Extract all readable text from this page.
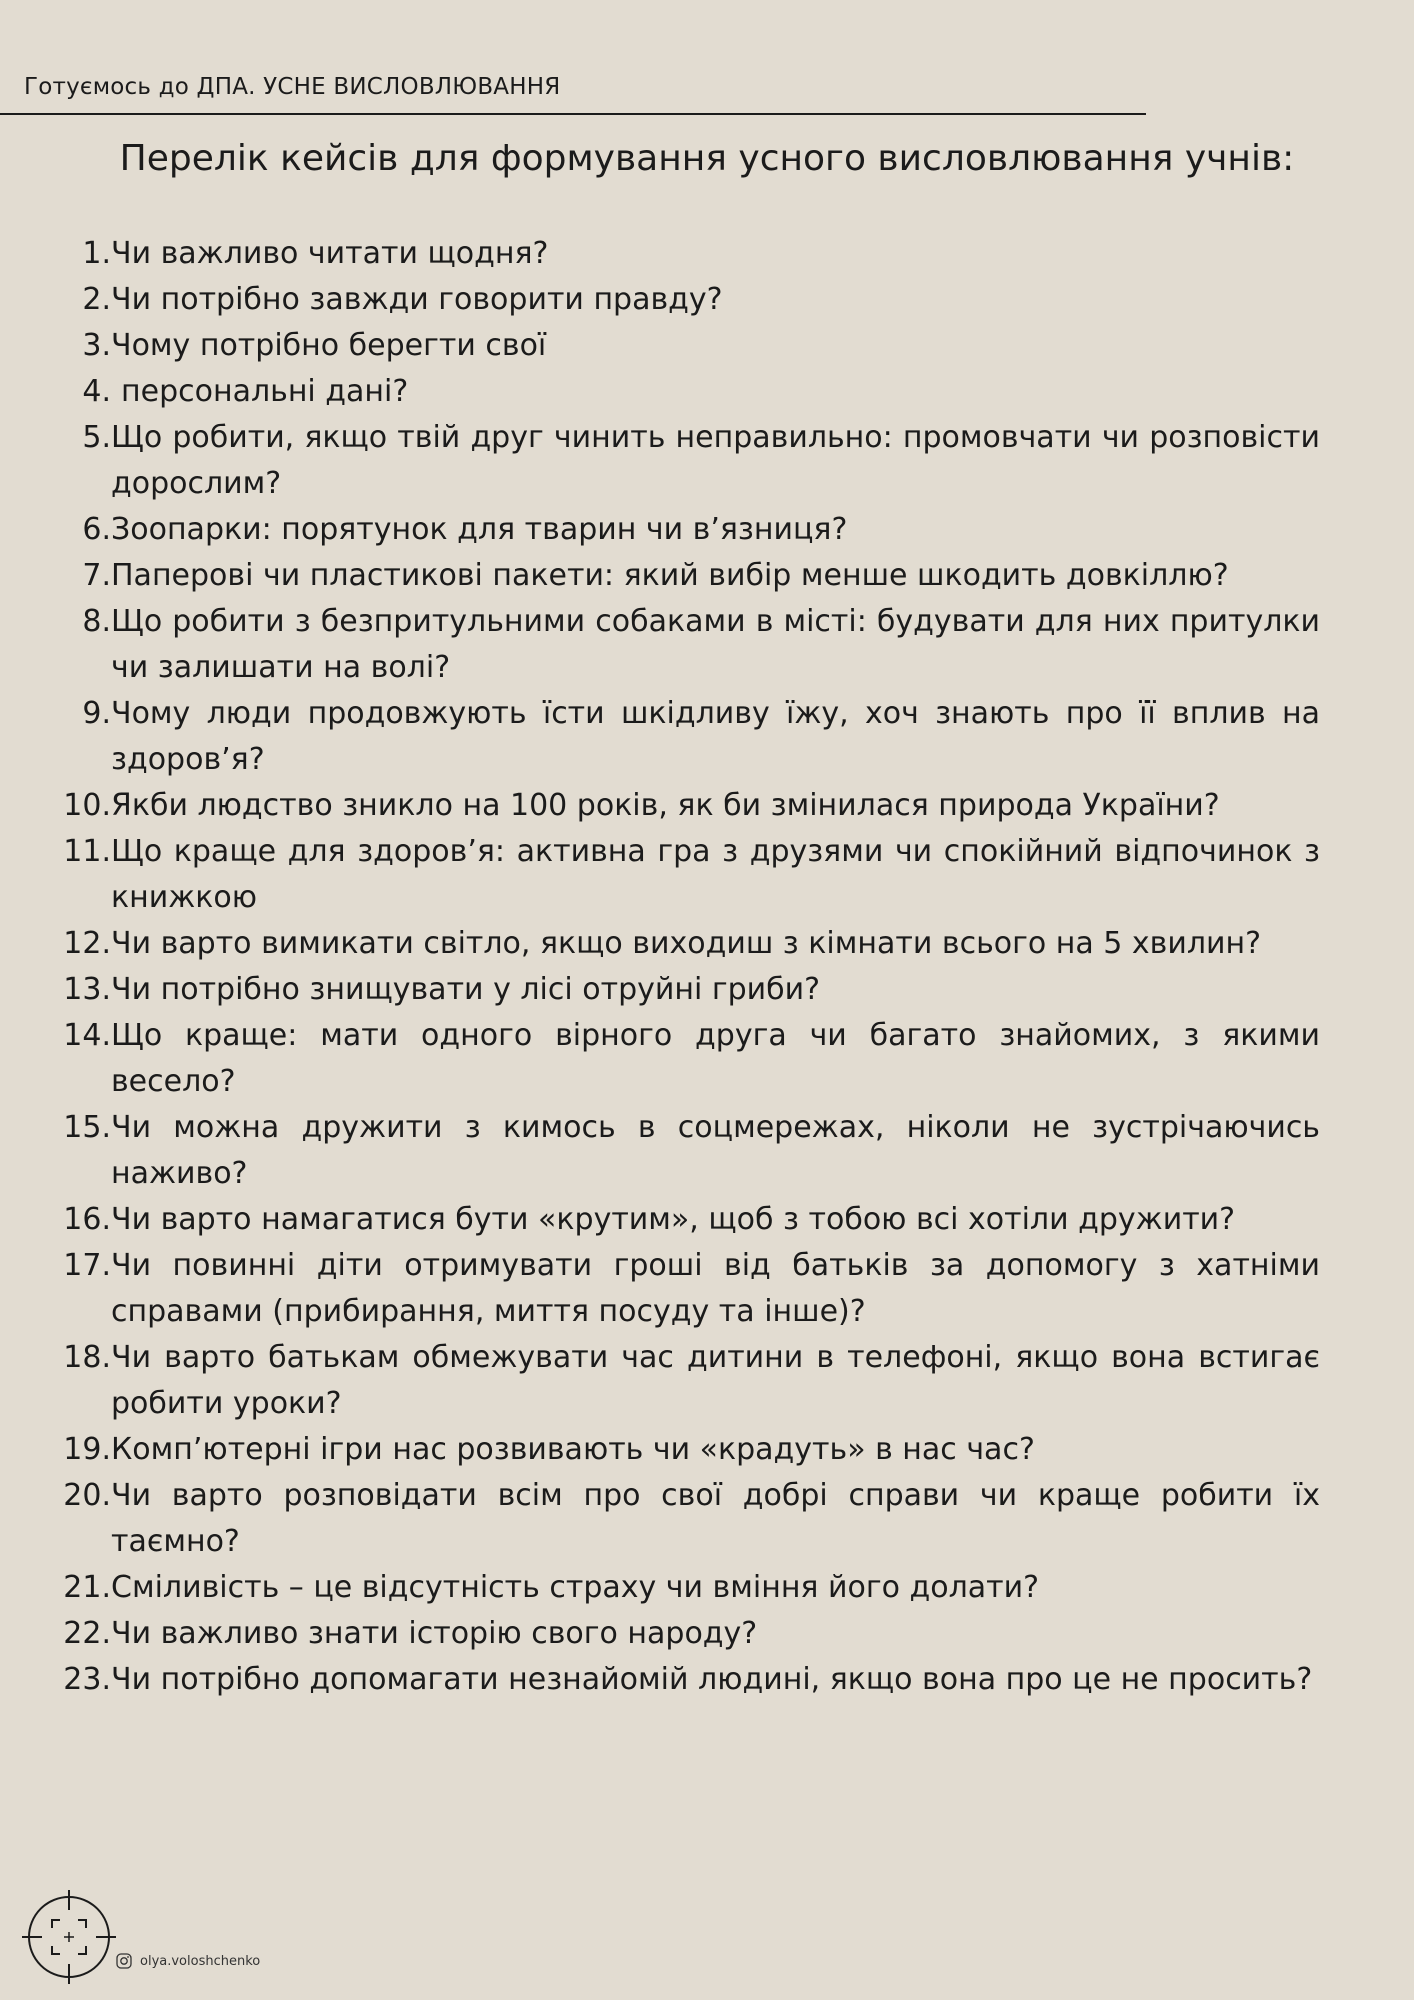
Готуємось до ДПА. УСНЕ ВИСЛОВЛЮВАННЯ
Перелік кейсів для формування усного висловлювання учнів:
1. Чи важливо читати щодня?
2. Чи потрібно завжди говорити правду?
3. Чому потрібно берегти свої
4. персональні дані?
5. Що робити, якщо твій друг чинить неправильно: промовчати чи розповісти дорослим?
6. Зоопарки: порятунок для тварин чи в’язниця?
7. Паперові чи пластикові пакети: який вибір менше шкодить довкіллю?
8. Що робити з безпритульними собаками в місті: будувати для них притулки чи залишати на волі?
9. Чому люди продовжують їсти шкідливу їжу, хоч знають про її вплив на здоров’я?
10. Якби людство зникло на 100 років, як би змінилася природа України?
11. Що краще для здоров’я: активна гра з друзями чи спокійний відпочинок з книжкою
12. Чи варто вимикати світло, якщо виходиш з кімнати всього на 5 хвилин?
13. Чи потрібно знищувати у лісі отруйні гриби?
14. Що краще: мати одного вірного друга чи багато знайомих, з якими весело?
15. Чи можна дружити з кимось в соцмережах, ніколи не зустрічаючись наживо?
16. Чи варто намагатися бути «крутим», щоб з тобою всі хотіли дружити?
17. Чи повинні діти отримувати гроші від батьків за допомогу з хатніми справами (прибирання, миття посуду та інше)?
18. Чи варто батькам обмежувати час дитини в телефоні, якщо вона встигає робити уроки?
19. Комп’ютерні ігри нас розвивають чи «крадуть» в нас час?
20. Чи варто розповідати всім про свої добрі справи чи краще робити їх таємно?
21. Сміливість – це відсутність страху чи вміння його долати?
22. Чи важливо знати історію свого народу?
23. Чи потрібно допомагати незнайомій людині, якщо вона про це не просить?
olya.voloshchenko
